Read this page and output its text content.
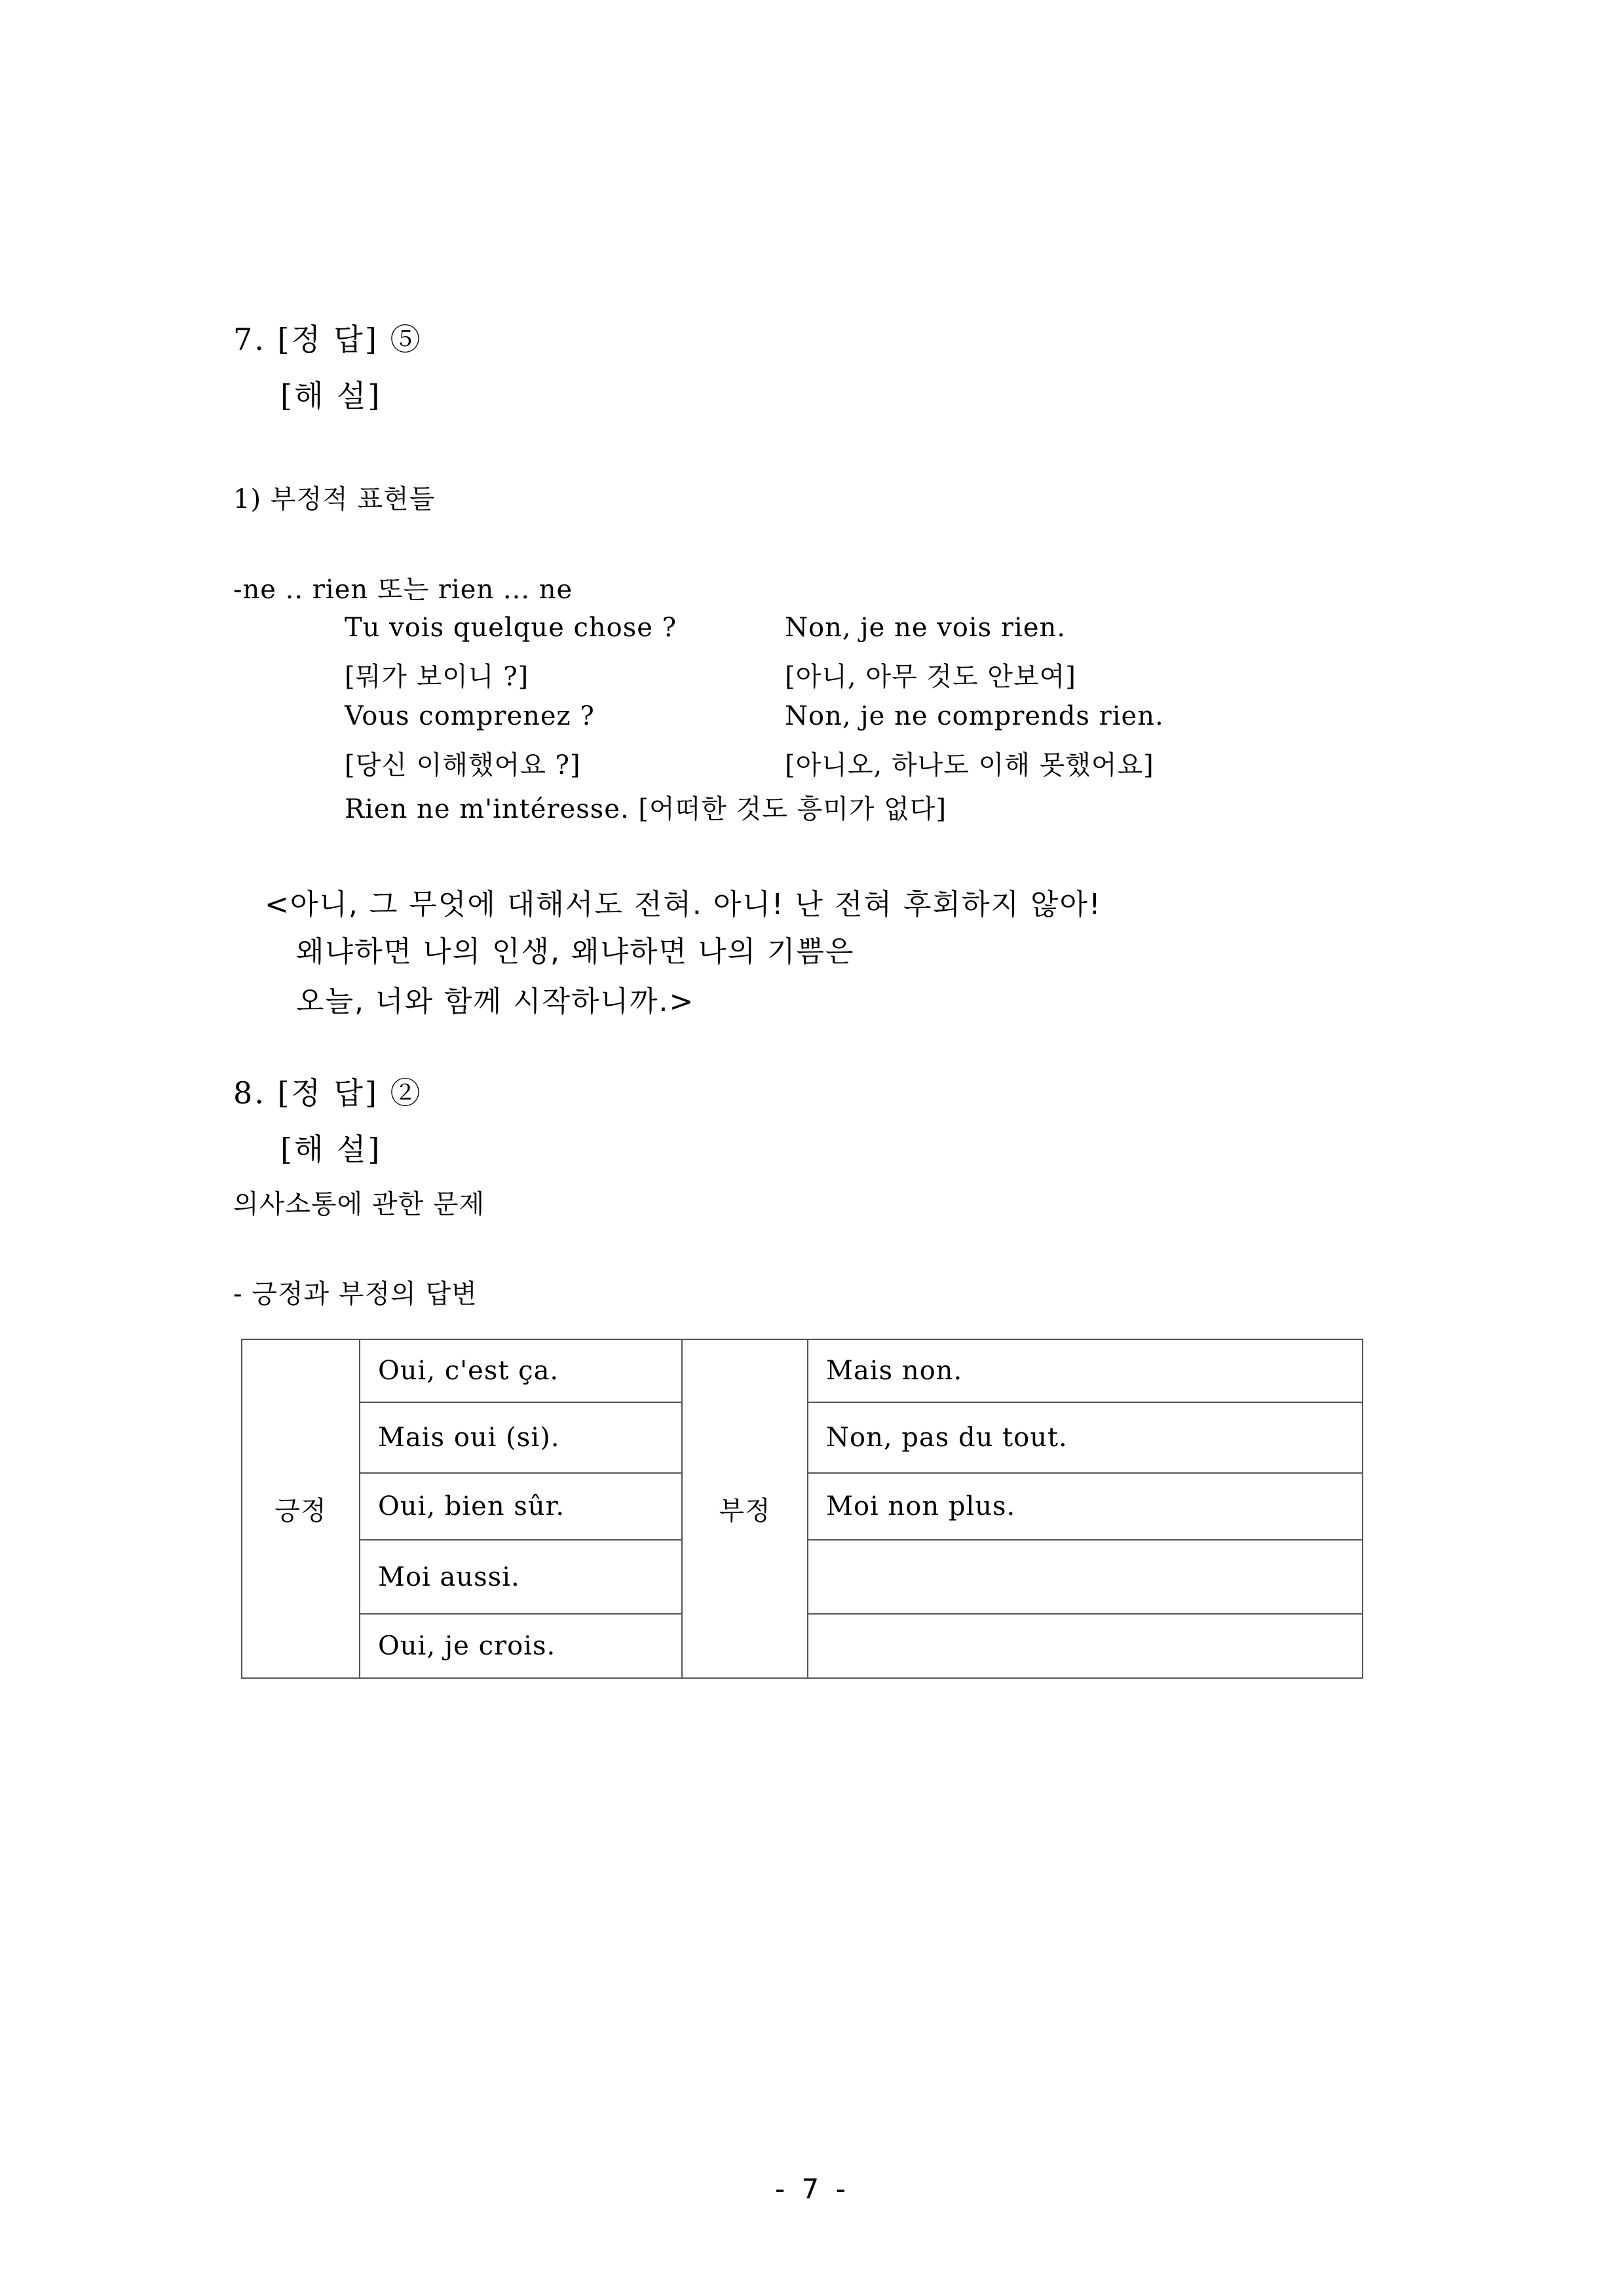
7. [정 답] ⑤
[해 설]
1) 부정적 표현들
-ne .. rien 또는 rien ... ne
Tu vois quelque chose ?	Non, je ne vois rien.
[뭐가 보이니 ?]	[아니, 아무 것도 안보여]
Vous comprenez ?	Non, je ne comprends rien.
[당신 이해했어요 ?]	[아니오, 하나도 이해 못했어요]
Rien ne m'intéresse. [어떠한 것도 흥미가 없다]
<아니, 그 무엇에 대해서도 전혀. 아니! 난 전혀 후회하지 않아!
왜냐하면 나의 인생, 왜냐하면 나의 기쁨은
오늘, 너와 함께 시작하니까.>
8. [정 답] ②
[해 설]
의사소통에 관한 문제
- 긍정과 부정의 답변
긍정	Oui, c'est ça.	부정	Mais non.
	Mais oui (si).		Non, pas du tout.
	Oui, bien sûr.		Moi non plus.
	Moi aussi.		
	Oui, je crois.		
- 7 -
